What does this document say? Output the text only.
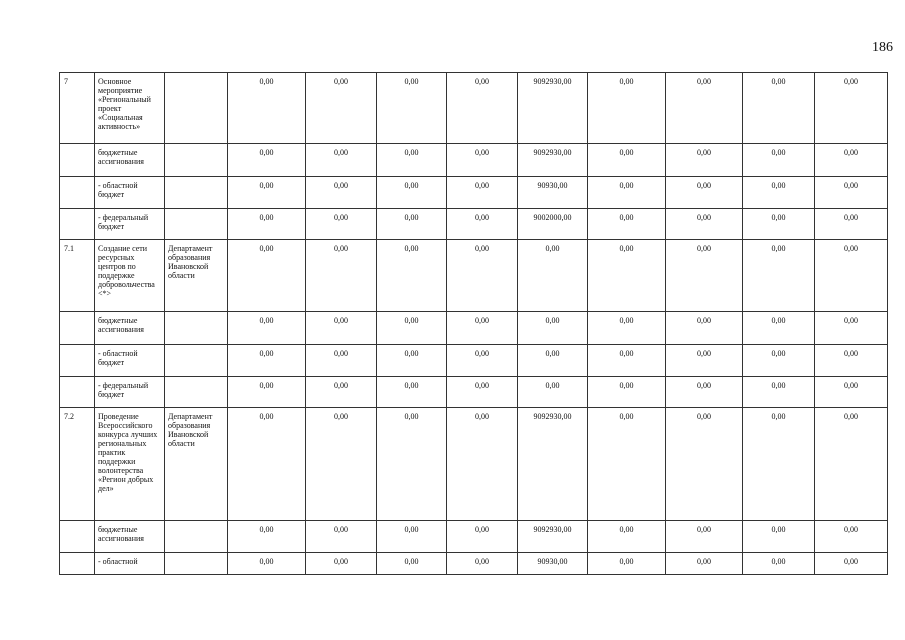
186
7	Основное мероприятие «Региональный проект «Социальная активность»		0,00	0,00	0,00	0,00	9092930,00	0,00	0,00	0,00	0,00
	бюджетные ассигнования		0,00	0,00	0,00	0,00	9092930,00	0,00	0,00	0,00	0,00
	- областной бюджет		0,00	0,00	0,00	0,00	90930,00	0,00	0,00	0,00	0,00
	- федеральный бюджет		0,00	0,00	0,00	0,00	9002000,00	0,00	0,00	0,00	0,00
7.1	Создание сети ресурсных центров по поддержке добровольчества <*>	Департамент образования Ивановской области	0,00	0,00	0,00	0,00	0,00	0,00	0,00	0,00	0,00
	бюджетные ассигнования		0,00	0,00	0,00	0,00	0,00	0,00	0,00	0,00	0,00
	- областной бюджет		0,00	0,00	0,00	0,00	0,00	0,00	0,00	0,00	0,00
	- федеральный бюджет		0,00	0,00	0,00	0,00	0,00	0,00	0,00	0,00	0,00
7.2	Проведение Всероссийского конкурса лучших региональных практик поддержки волонтерства «Регион добрых дел»	Департамент образования Ивановской области	0,00	0,00	0,00	0,00	9092930,00	0,00	0,00	0,00	0,00
	бюджетные ассигнования		0,00	0,00	0,00	0,00	9092930,00	0,00	0,00	0,00	0,00
	- областной		0,00	0,00	0,00	0,00	90930,00	0,00	0,00	0,00	0,00
